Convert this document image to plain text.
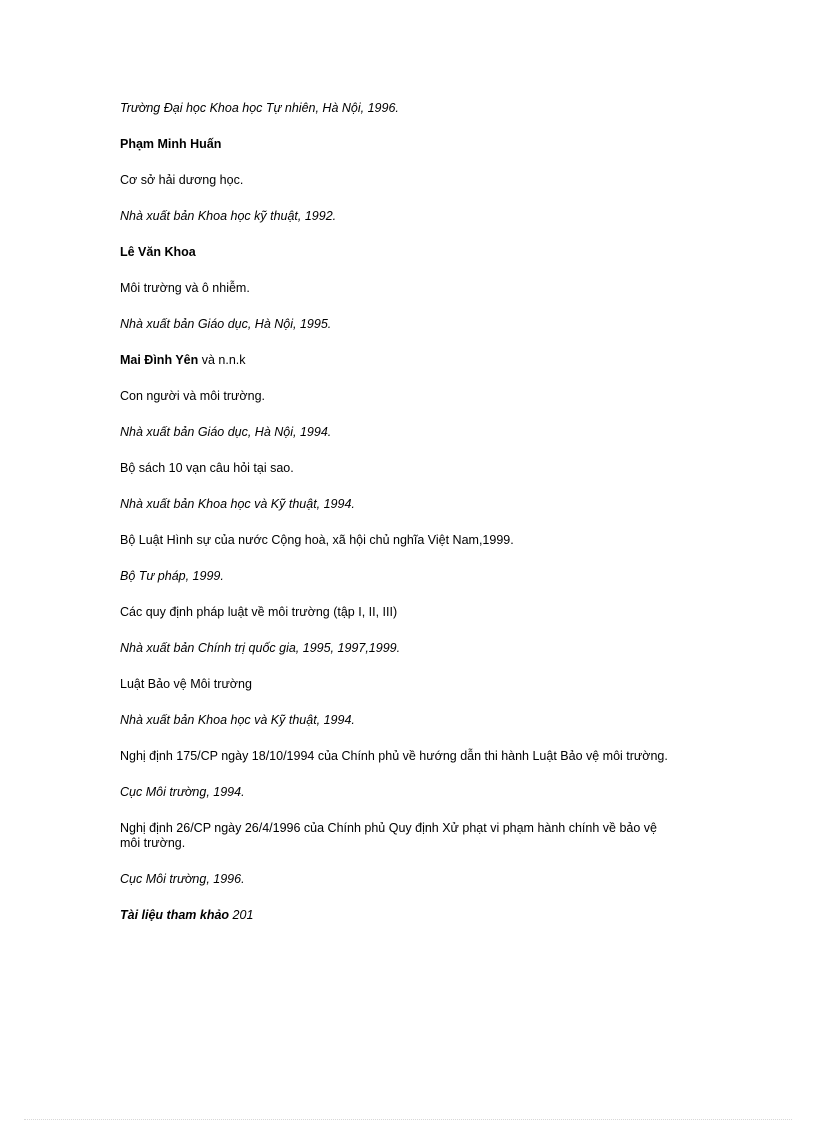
Trường Đại học Khoa học Tự nhiên, Hà Nội, 1996.
Phạm Minh Huấn
Cơ sở hải dương học.
Nhà xuất bản Khoa học kỹ thuật, 1992.
Lê Văn Khoa
Môi trường và ô nhiễm.
Nhà xuất bản Giáo dục, Hà Nội, 1995.
Mai Đình Yên và n.n.k
Con người và môi trường.
Nhà xuất bản Giáo dục, Hà Nội, 1994.
Bộ sách 10 vạn câu hỏi tại sao.
Nhà xuất bản Khoa học và Kỹ thuật, 1994.
Bộ Luật Hình sự của nước Cộng hoà, xã hội chủ nghĩa Việt Nam,1999.
Bộ Tư pháp, 1999.
Các quy định pháp luật về môi trường (tập I, II, III)
Nhà xuất bản Chính trị quốc gia, 1995, 1997,1999.
Luật Bảo vệ Môi trường
Nhà xuất bản Khoa học và Kỹ thuật, 1994.
Nghị định 175/CP ngày 18/10/1994 của Chính phủ về hướng dẫn thi hành Luật Bảo vệ môi trường.
Cục Môi trường, 1994.
Nghị định 26/CP ngày 26/4/1996 của Chính phủ Quy định Xử phạt vi phạm hành chính về bảo vệ môi trường.
Cục Môi trường, 1996.
Tài liệu tham khảo 201
